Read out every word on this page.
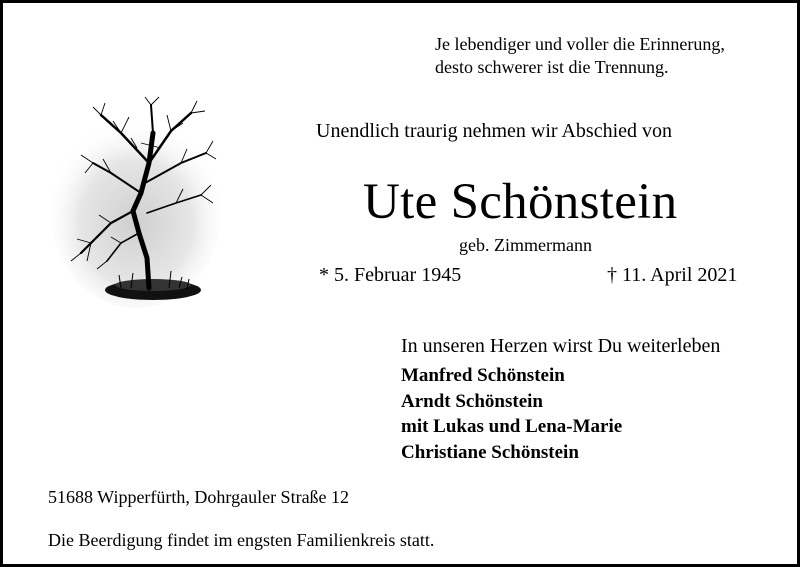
Je lebendiger und voller die Erinnerung,
desto schwerer ist die Trennung.
Unendlich traurig nehmen wir Abschied von
Ute Schönstein
geb. Zimmermann
* 5. Februar 1945	† 11. April 2021
In unseren Herzen wirst Du weiterleben
Manfred Schönstein
Arndt Schönstein
mit Lukas und Lena-Marie
Christiane Schönstein
51688 Wipperfürth, Dohrgauler Straße 12
Die Beerdigung findet im engsten Familienkreis statt.
